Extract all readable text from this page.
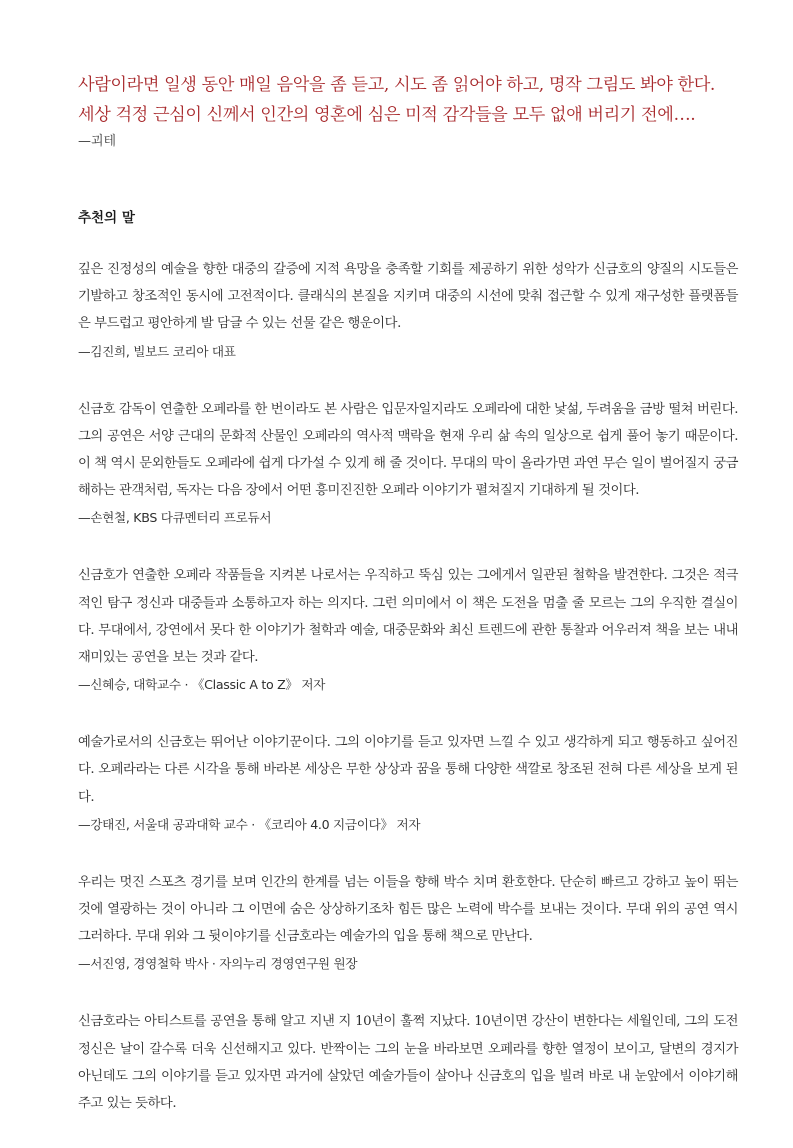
사람이라면 일생 동안 매일 음악을 좀 듣고, 시도 좀 읽어야 하고, 명작 그림도 봐야 한다.
세상 걱정 근심이 신께서 인간의 영혼에 심은 미적 감각들을 모두 없애 버리기 전에….
—괴테
추천의 말

깊은 진정성의 예술을 향한 대중의 갈증에 지적 욕망을 충족할 기회를 제공하기 위한 성악가 신금호의 양질의 시도들은 기발하고 창조적인 동시에 고전적이다. 클래식의 본질을 지키며 대중의 시선에 맞춰 접근할 수 있게 재구성한 플랫폼들은 부드럽고 평안하게 발 담글 수 있는 선물 같은 행운이다.

—김진희, 빌보드 코리아 대표

신금호 감독이 연출한 오페라를 한 번이라도 본 사람은 입문자일지라도 오페라에 대한 낯섦, 두려움을 금방 떨쳐 버린다. 그의 공연은 서양 근대의 문화적 산물인 오페라의 역사적 맥락을 현재 우리 삶 속의 일상으로 쉽게 풀어 놓기 때문이다. 이 책 역시 문외한들도 오페라에 쉽게 다가설 수 있게 해 줄 것이다. 무대의 막이 올라가면 과연 무슨 일이 벌어질지 궁금해하는 관객처럼, 독자는 다음 장에서 어떤 흥미진진한 오페라 이야기가 펼쳐질지 기대하게 될 것이다.

—손현철, KBS 다큐멘터리 프로듀서

신금호가 연출한 오페라 작품들을 지켜본 나로서는 우직하고 뚝심 있는 그에게서 일관된 철학을 발견한다. 그것은 적극적인 탐구 정신과 대중들과 소통하고자 하는 의지다. 그런 의미에서 이 책은 도전을 멈출 줄 모르는 그의 우직한 결실이다. 무대에서, 강연에서 못다 한 이야기가 철학과 예술, 대중문화와 최신 트렌드에 관한 통찰과 어우러져 책을 보는 내내 재미있는 공연을 보는 것과 같다.

—신혜승, 대학교수 · 《Classic A to Z》 저자

예술가로서의 신금호는 뛰어난 이야기꾼이다. 그의 이야기를 듣고 있자면 느낄 수 있고 생각하게 되고 행동하고 싶어진다. 오페라라는 다른 시각을 통해 바라본 세상은 무한 상상과 꿈을 통해 다양한 색깔로 창조된 전혀 다른 세상을 보게 된다.

—강태진, 서울대 공과대학 교수 · 《코리아 4.0 지금이다》 저자

우리는 멋진 스포츠 경기를 보며 인간의 한계를 넘는 이들을 향해 박수 치며 환호한다. 단순히 빠르고 강하고 높이 뛰는 것에 열광하는 것이 아니라 그 이면에 숨은 상상하기조차 힘든 많은 노력에 박수를 보내는 것이다. 무대 위의 공연 역시 그러하다. 무대 위와 그 뒷이야기를 신금호라는 예술가의 입을 통해 책으로 만난다.

—서진영, 경영철학 박사 · 자의누리 경영연구원 원장

신금호라는 아티스트를 공연을 통해 알고 지낸 지 10년이 훌쩍 지났다. 10년이면 강산이 변한다는 세월인데, 그의 도전 정신은 날이 갈수록 더욱 신선해지고 있다. 반짝이는 그의 눈을 바라보면 오페라를 향한 열정이 보이고, 달변의 경지가 아닌데도 그의 이야기를 듣고 있자면 과거에 살았던 예술가들이 살아나 신금호의 입을 빌려 바로 내 눈앞에서 이야기해 주고 있는 듯하다.
